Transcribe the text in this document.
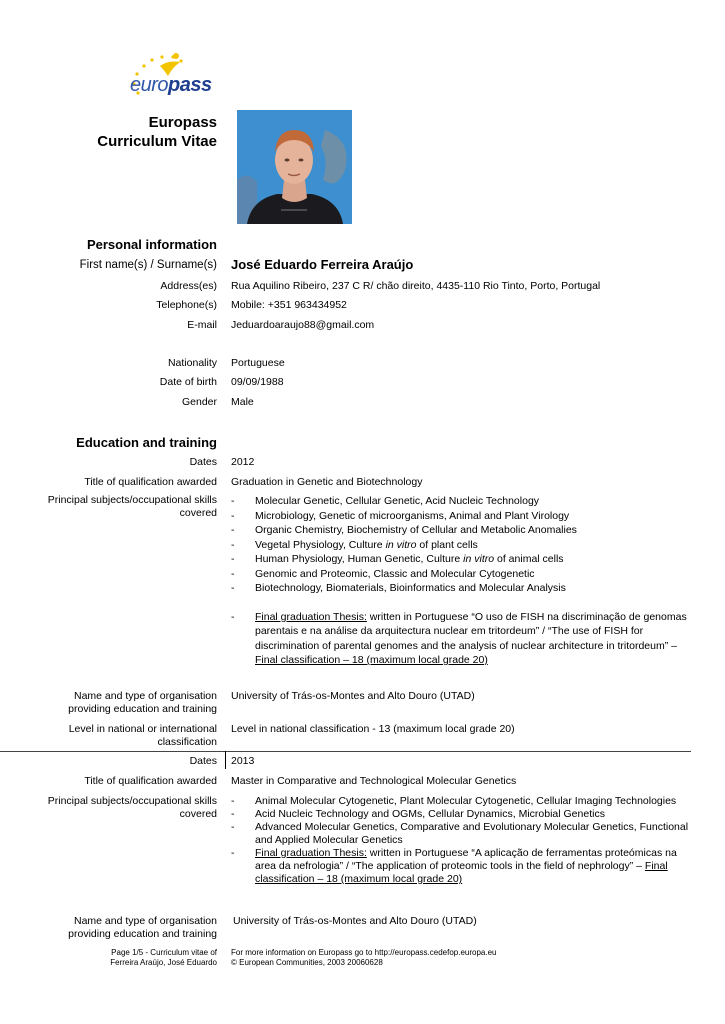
europass
Europass
Curriculum Vitae
Personal information
First name(s) / Surname(s) José Eduardo Ferreira Araújo
Address(es) Rua Aquilino Ribeiro, 237 C R/ chão direito, 4435-110 Rio Tinto, Porto, Portugal
Telephone(s) Mobile: +351 963434952
E-mail Jeduardoaraujo88@gmail.com
Nationality Portuguese
Date of birth 09/09/1988
Gender Male
Education and training
Dates 2012
Title of qualification awarded Graduation in Genetic and Biotechnology
Principal subjects/occupational skills
covered
- Molecular Genetic, Cellular Genetic, Acid Nucleic Technology
- Microbiology, Genetic of microorganisms, Animal and Plant Virology
- Organic Chemistry, Biochemistry of Cellular and Metabolic Anomalies
- Vegetal Physiology, Culture in vitro of plant cells
- Human Physiology, Human Genetic, Culture in vitro of animal cells
- Genomic and Proteomic, Classic and Molecular Cytogenetic
- Biotechnology, Biomaterials, Bioinformatics and Molecular Analysis
- Final graduation Thesis: written in Portuguese “O uso de FISH na discriminação de genomas parentais e na análise da arquitectura nuclear em tritordeum” / “The use of FISH for discrimination of parental genomes and the analysis of nuclear architecture in tritordeum” – Final classification – 18 (maximum local grade 20)
Name and type of organisation
providing education and training
University of Trás-os-Montes and Alto Douro (UTAD)
Level in national or international
classification
Level in national classification - 13 (maximum local grade 20)
Dates 2013
Title of qualification awarded Master in Comparative and Technological Molecular Genetics
Principal subjects/occupational skills
covered
- Animal Molecular Cytogenetic, Plant Molecular Cytogenetic, Cellular Imaging Technologies
- Acid Nucleic Technology and OGMs, Cellular Dynamics, Microbial Genetics
- Advanced Molecular Genetics, Comparative and Evolutionary Molecular Genetics, Functional and Applied Molecular Genetics
- Final graduation Thesis: written in Portuguese “A aplicação de ferramentas proteómicas na area da nefrologia” / “The application of proteomic tools in the field of nephrology” – Final classification – 18 (maximum local grade 20)
Name and type of organisation
providing education and training
University of Trás-os-Montes and Alto Douro (UTAD)
Page 1/5 - Curriculum vitae of
Ferreira Araújo, José Eduardo
For more information on Europass go to http://europass.cedefop.europa.eu
© European Communities, 2003 20060628
